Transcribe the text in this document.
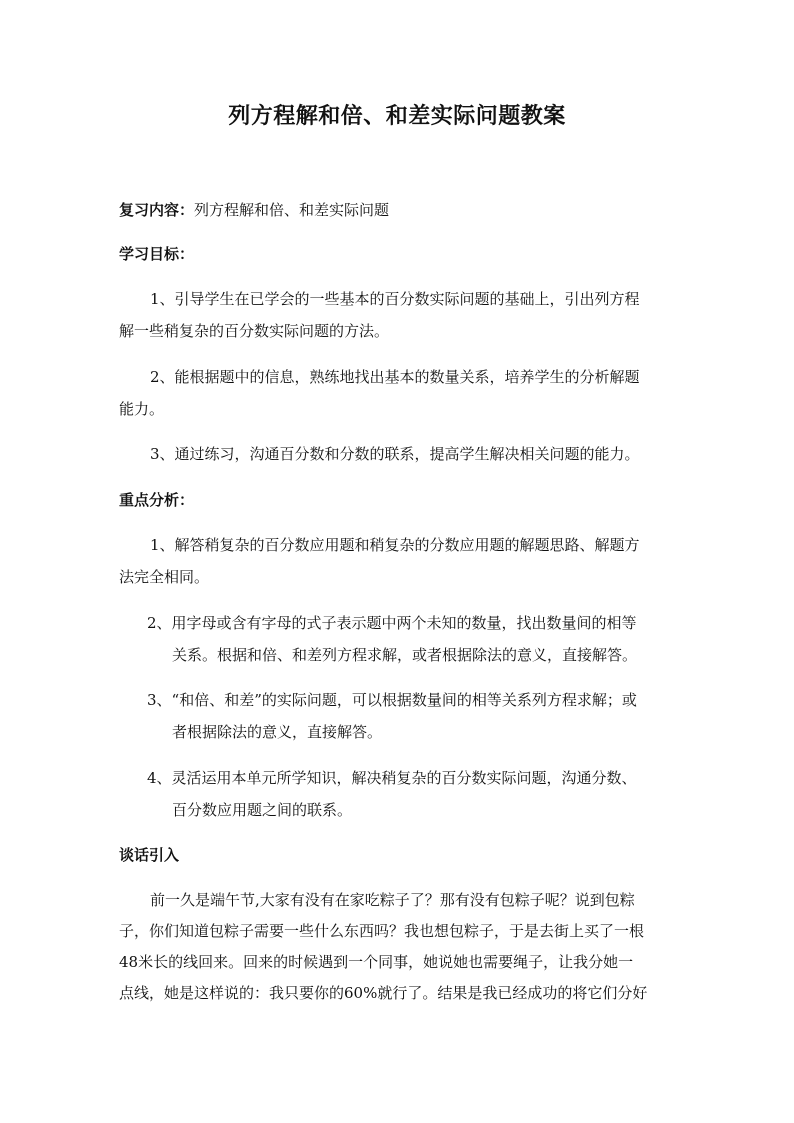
列方程解和倍、和差实际问题教案
复习内容：列方程解和倍、和差实际问题
学习目标：
1、引导学生在已学会的一些基本的百分数实际问题的基础上，引出列方程
解一些稍复杂的百分数实际问题的方法。
2、能根据题中的信息，熟练地找出基本的数量关系，培养学生的分析解题
能力。
3、通过练习，沟通百分数和分数的联系，提高学生解决相关问题的能力。
重点分析：
1、解答稍复杂的百分数应用题和稍复杂的分数应用题的解题思路、解题方
法完全相同。
2、用字母或含有字母的式子表示题中两个未知的数量，找出数量间的相等
关系。根据和倍、和差列方程求解，或者根据除法的意义，直接解答。
3、“和倍、和差”的实际问题，可以根据数量间的相等关系列方程求解；或
者根据除法的意义，直接解答。
4、灵活运用本单元所学知识，解决稍复杂的百分数实际问题，沟通分数、
百分数应用题之间的联系。
谈话引入
前一久是端午节,大家有没有在家吃粽子了？那有没有包粽子呢？说到包粽
子，你们知道包粽子需要一些什么东西吗？我也想包粽子，于是去街上买了一根
48米长的线回来。回来的时候遇到一个同事，她说她也需要绳子，让我分她一
点线，她是这样说的：我只要你的60%就行了。结果是我已经成功的将它们分好
